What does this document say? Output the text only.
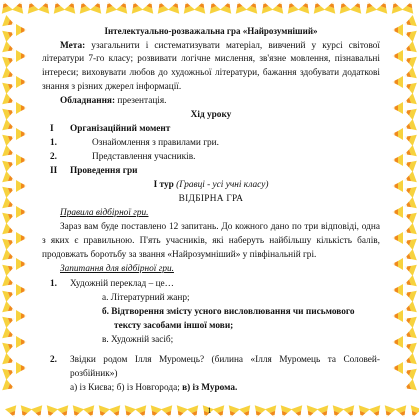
Інтелектуально-розважальна гра «Найрозумніший»

Мета: узагальнити і систематизувати матеріал, вивчений у курсі світової літератури 7-го класу; розвивати логічне мислення, зв'язне мовлення, пізнавальні інтереси; виховувати любов до художньої літератури, бажання здобувати додаткові знання з різних джерел інформації.

Обладнання: презентація.

Хід уроку

I	Організаційний момент
1.	Ознайомлення з правилами гри.
2.	Представлення учасників.
II	Проведення гри

I тур (Гравці - усі учні класу)

ВІДБІРНА ГРА

Правила відбірної гри.

Зараз вам буде поставлено 12 запитань. До кожного дано по три відповіді, одна з яких є правильною. П'ять учасників, які наберуть найбільшу кількість балів, продовжать боротьбу за звання «Найрозумніший» у півфінальній грі.

Запитання для відбірної гри.

1.	Художній переклад – це…

а. Літературний жанр;

б. Відтворення змісту усного висловлювання чи письмового

тексту засобами іншої мови;

в. Художній засіб;

2.	Звідки родом Ілля Муромець? (билина «Ілля Муромець та Соловей-розбійник»)

а) із Києва; б) із Новгорода; в) із Мурома.

1
